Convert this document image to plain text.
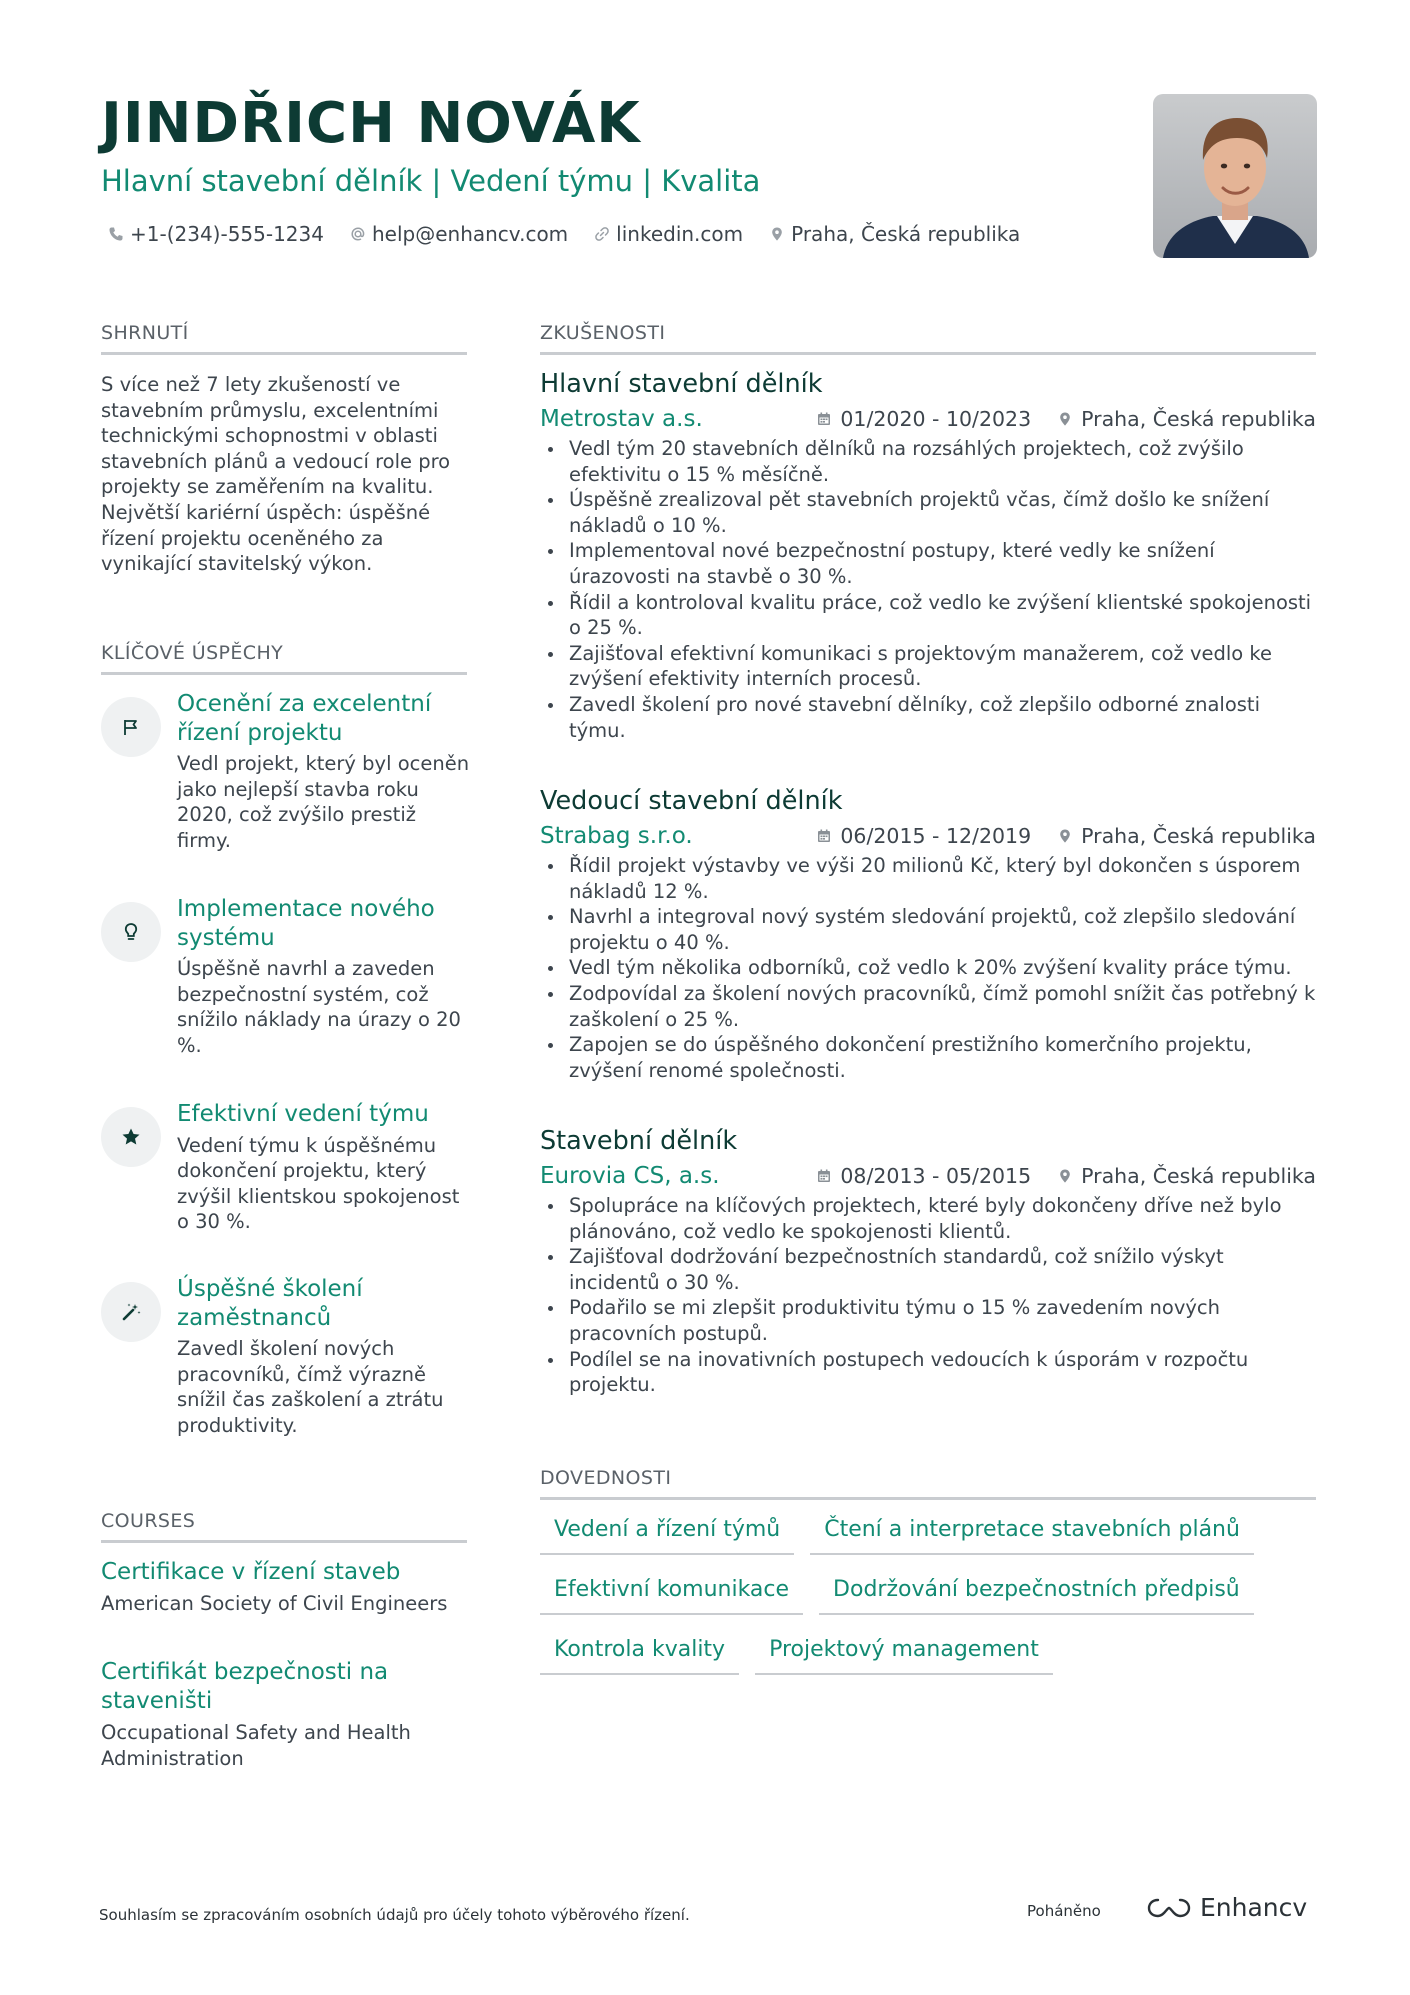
JINDŘICH NOVÁK
Hlavní stavební dělník | Vedení týmu | Kvalita
+1-(234)-555-1234 help@enhancv.com linkedin.com Praha, Česká republika
SHRNUTÍ
S více než 7 lety zkušeností ve stavebním průmyslu, excelentními technickými schopnostmi v oblasti stavebních plánů a vedoucí role pro projekty se zaměřením na kvalitu. Největší kariérní úspěch: úspěšné řízení projektu oceněného za vynikající stavitelský výkon.
KLÍČOVÉ ÚSPĚCHY
Ocenění za excelentní řízení projektu
Vedl projekt, který byl oceněn jako nejlepší stavba roku 2020, což zvýšilo prestiž firmy.
Implementace nového systému
Úspěšně navrhl a zaveden bezpečnostní systém, což snížilo náklady na úrazy o 20 %.
Efektivní vedení týmu
Vedení týmu k úspěšnému dokončení projektu, který zvýšil klientskou spokojenost o 30 %.
Úspěšné školení zaměstnanců
Zavedl školení nových pracovníků, čímž výrazně snížil čas zaškolení a ztrátu produktivity.
COURSES
Certifikace v řízení staveb
American Society of Civil Engineers
Certifikát bezpečnosti na staveništi
Occupational Safety and Health Administration
ZKUŠENOSTI
Hlavní stavební dělník
Metrostav a.s.	01/2020 - 10/2023 Praha, Česká republika
Vedl tým 20 stavebních dělníků na rozsáhlých projektech, což zvýšilo efektivitu o 15 % měsíčně.
Úspěšně zrealizoval pět stavebních projektů včas, čímž došlo ke snížení nákladů o 10 %.
Implementoval nové bezpečnostní postupy, které vedly ke snížení úrazovosti na stavbě o 30 %.
Řídil a kontroloval kvalitu práce, což vedlo ke zvýšení klientské spokojenosti o 25 %.
Zajišťoval efektivní komunikaci s projektovým manažerem, což vedlo ke zvýšení efektivity interních procesů.
Zavedl školení pro nové stavební dělníky, což zlepšilo odborné znalosti týmu.
Vedoucí stavební dělník
Strabag s.r.o.	06/2015 - 12/2019 Praha, Česká republika
Řídil projekt výstavby ve výši 20 milionů Kč, který byl dokončen s úsporem nákladů 12 %.
Navrhl a integroval nový systém sledování projektů, což zlepšilo sledování projektu o 40 %.
Vedl tým několika odborníků, což vedlo k 20% zvýšení kvality práce týmu.
Zodpovídal za školení nových pracovníků, čímž pomohl snížit čas potřebný k zaškolení o 25 %.
Zapojen se do úspěšného dokončení prestižního komerčního projektu, zvýšení renomé společnosti.
Stavební dělník
Eurovia CS, a.s.	08/2013 - 05/2015 Praha, Česká republika
Spolupráce na klíčových projektech, které byly dokončeny dříve než bylo plánováno, což vedlo ke spokojenosti klientů.
Zajišťoval dodržování bezpečnostních standardů, což snížilo výskyt incidentů o 30 %.
Podařilo se mi zlepšit produktivitu týmu o 15 % zavedením nových pracovních postupů.
Podílel se na inovativních postupech vedoucích k úsporám v rozpočtu projektu.
DOVEDNOSTI
Vedení a řízení týmů	Čtení a interpretace stavebních plánů
Efektivní komunikace	Dodržování bezpečnostních předpisů
Kontrola kvality	Projektový management
Souhlasím se zpracováním osobních údajů pro účely tohoto výběrového řízení.	Poháněno	Enhancv
